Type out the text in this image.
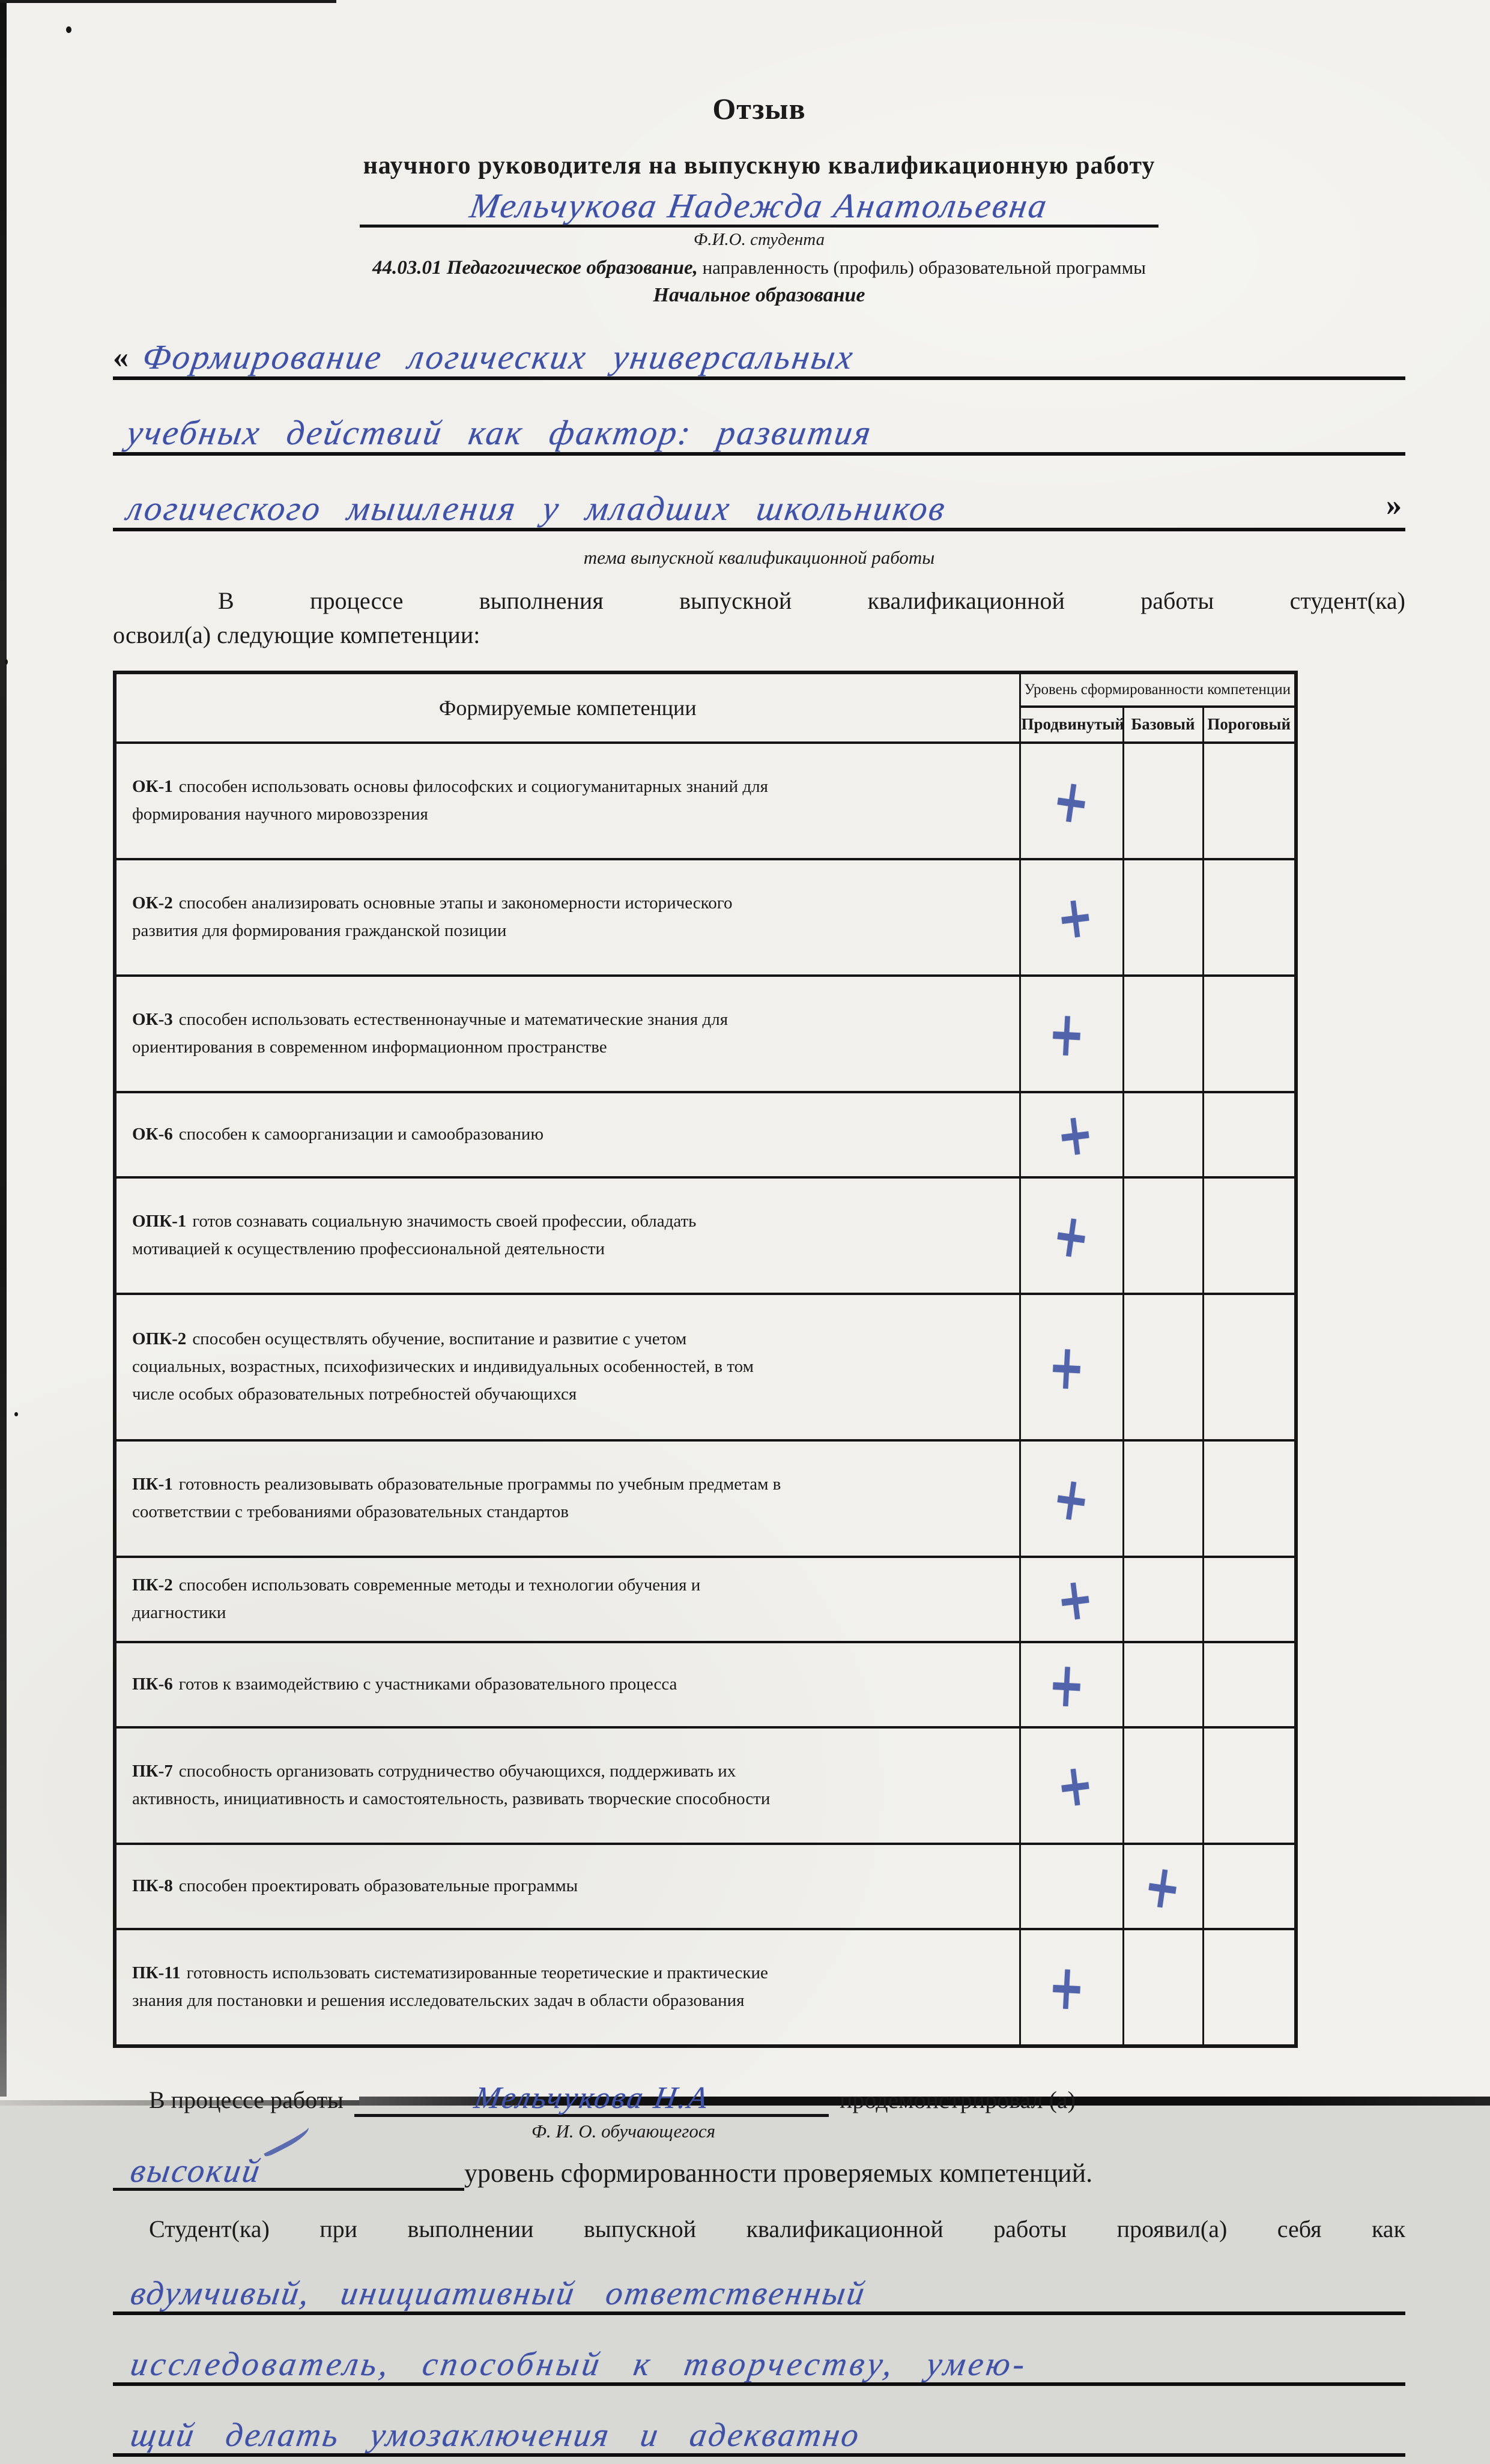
Отзыв
научного руководителя на выпускную квалификационную работу
Мельчукова Надежда Анатольевна
Ф.И.О. студента
44.03.01 Педагогическое образование, направленность (профиль) образовательной программы
Начальное образование
« Формирование логических универсальных
учебных действий как фактор: развития
логического мышления у младших школьников	»
тема выпускной квалификационной работы
В процессе выполнения выпускной квалификационной работы студент(ка)
освоил(а) следующие компетенции:
Формируемые компетенции	Уровень сформированности компетенции		
	Продвинутый	Базовый	Пороговый
ОК-1 способен использовать основы философских и социогуманитарных знаний для формирования научного мировоззрения	+		
ОК-2 способен анализировать основные этапы и закономерности исторического развития для формирования гражданской позиции	+		
ОК-3 способен использовать естественнонаучные и математические знания для ориентирования в современном информационном пространстве	+		
ОК-6 способен к самоорганизации и самообразованию	+		
ОПК-1 готов сознавать социальную значимость своей профессии, обладать мотивацией к осуществлению профессиональной деятельности	+		
ОПК-2 способен осуществлять обучение, воспитание и развитие с учетом социальных, возрастных, психофизических и индивидуальных особенностей, в том числе особых образовательных потребностей обучающихся	+		
ПК-1 готовность реализовывать образовательные программы по учебным предметам в соответствии с требованиями образовательных стандартов	+		
ПК-2 способен использовать современные методы и технологии обучения и диагностики	+		
ПК-6 готов к взаимодействию с участниками образовательного процесса	+		
ПК-7 способность организовать сотрудничество обучающихся, поддерживать их активность, инициативность и самостоятельность, развивать творческие способности	+		
ПК-8 способен проектировать образовательные программы		+	
ПК-11 готовность использовать систематизированные теоретические и практические знания для постановки и решения исследовательских задач в области образования	+		
В процессе работы	Мельчукова Н.А	продемонстрировал (а)
Ф. И. О. обучающегося
высокий	уровень сформированности проверяемых компетенций.
Студент(ка) при выполнении выпускной квалификационной работы проявил(а) себя как
вдумчивый, инициативный ответственный
исследователь, способный к творчеству, умею-
щий делать умозаключения и адекватно
